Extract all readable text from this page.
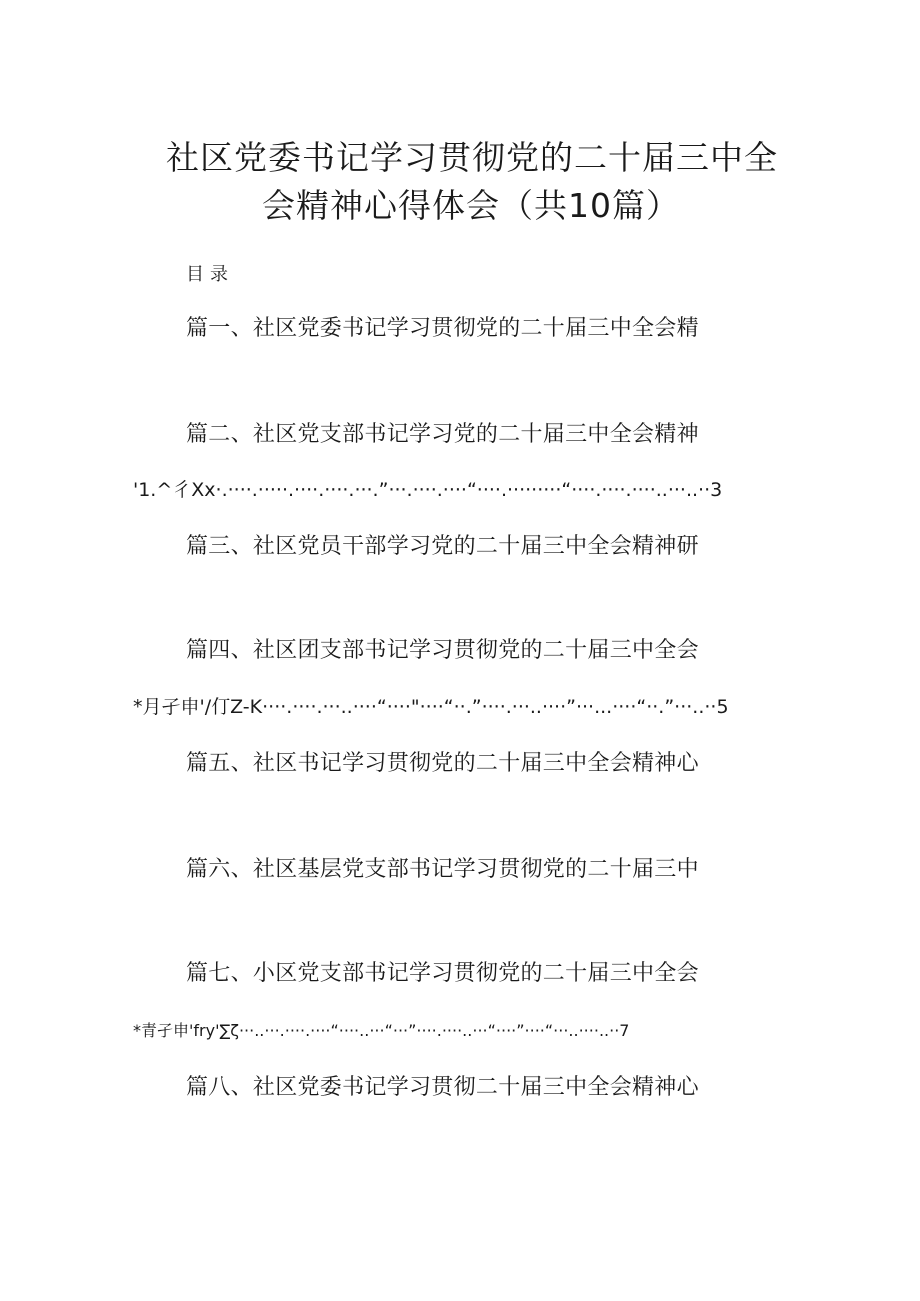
社区党委书记学习贯彻党的二十届三中全
会精神心得体会（共10篇）
目录
篇一、社区党委书记学习贯彻党的二十届三中全会精
篇二、社区党支部书记学习党的二十届三中全会精神
'1.^彳Xx·.····.·····.····.····.···.”···.····.····“····.·········“····.····.····..···..··3
篇三、社区党员干部学习党的二十届三中全会精神研
篇四、社区团支部书记学习贯彻党的二十届三中全会
*月孑申'/仃Z-K····.····.···..····“····"····“··.”····.···..····”···...····“··.”···..··5
篇五、社区书记学习贯彻党的二十届三中全会精神心
篇六、社区基层党支部书记学习贯彻党的二十届三中
篇七、小区党支部书记学习贯彻党的二十届三中全会
*青孑申'fry'∑ζ···..···.····.····“····..···“···”····.····..···“····”····“···..····..··7
篇八、社区党委书记学习贯彻二十届三中全会精神心
